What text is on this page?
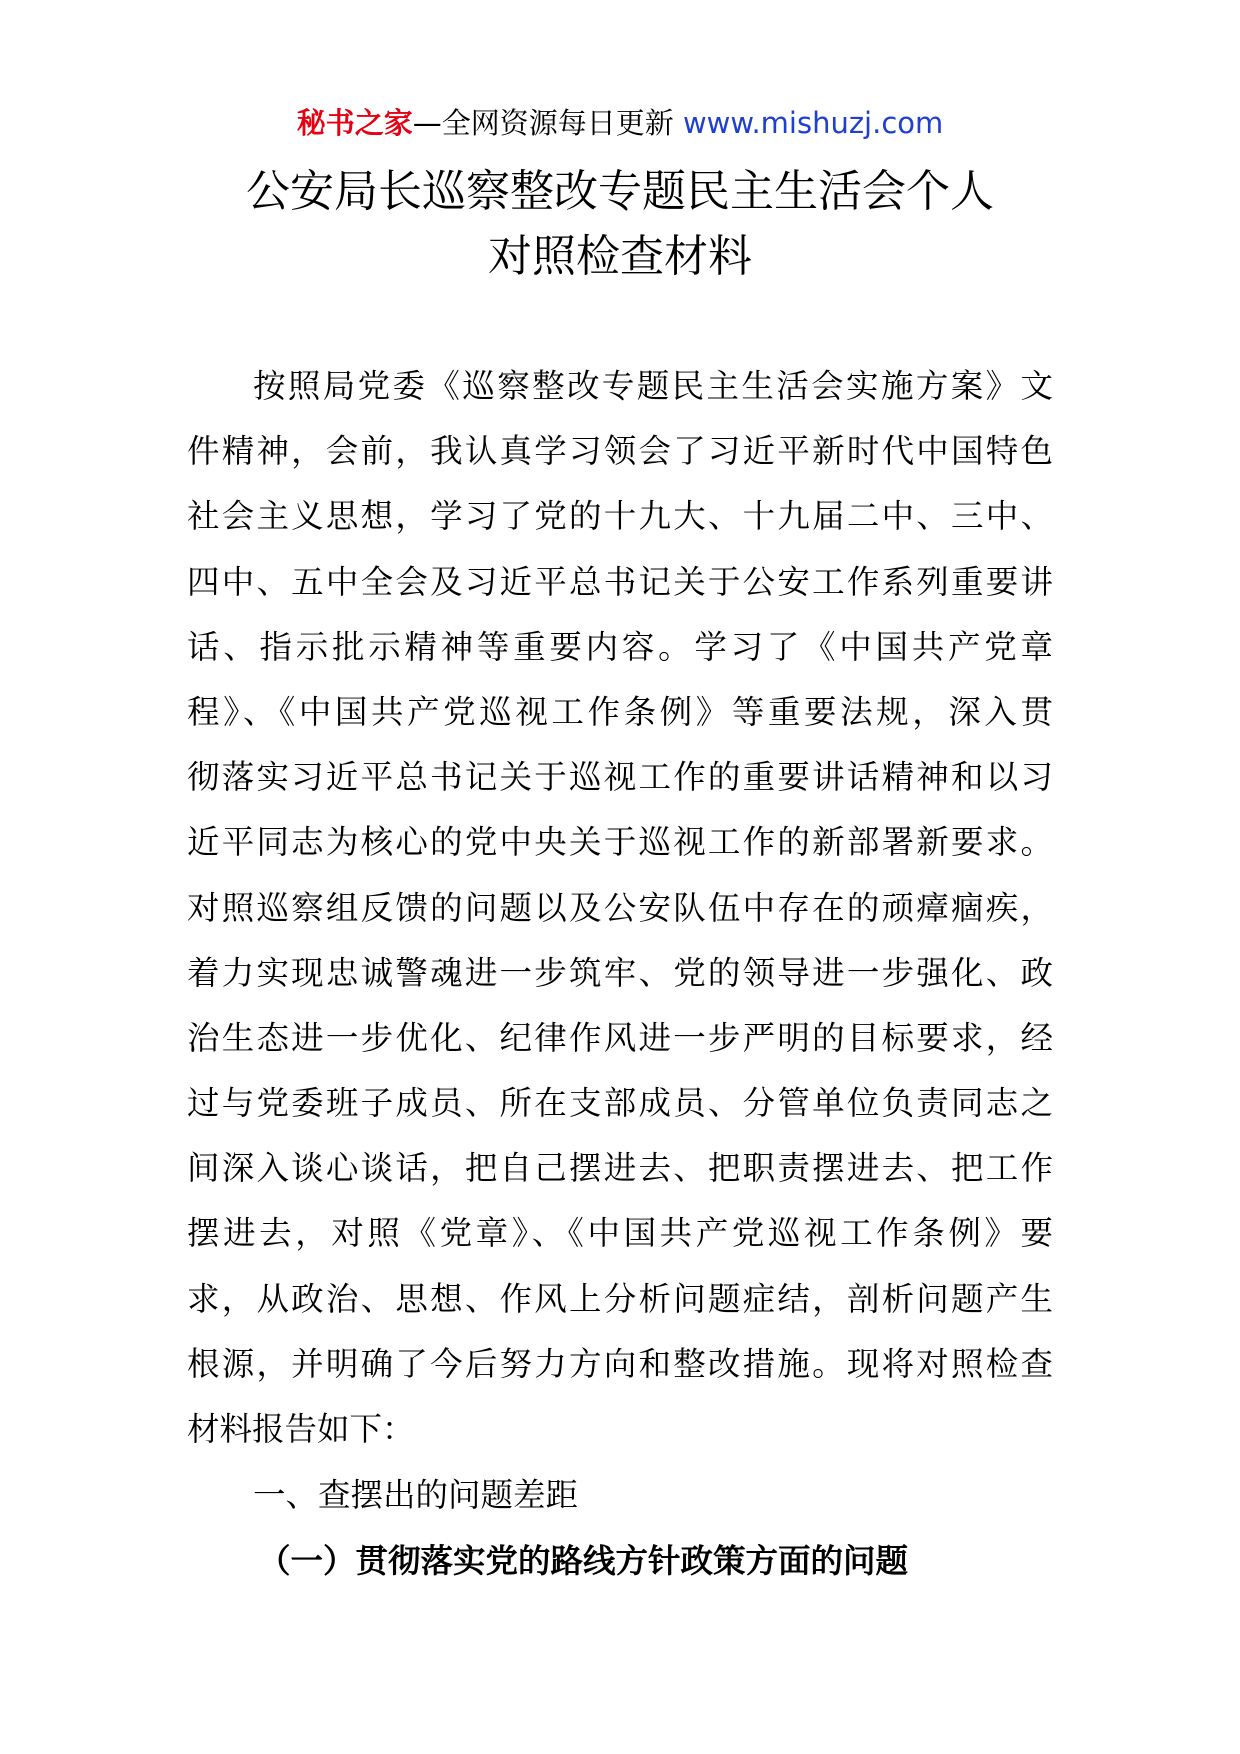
秘书之家—全网资源每日更新 www.mishuzj.com
公安局长巡察整改专题民主生活会个人
对照检查材料
按照局党委《巡察整改专题民主生活会实施方案》文
件精神，会前，我认真学习领会了习近平新时代中国特色
社会主义思想，学习了党的十九大、十九届二中、三中、
四中、五中全会及习近平总书记关于公安工作系列重要讲
话、指示批示精神等重要内容。学习了《中国共产党章
程》、《中国共产党巡视工作条例》等重要法规，深入贯
彻落实习近平总书记关于巡视工作的重要讲话精神和以习
近平同志为核心的党中央关于巡视工作的新部署新要求。
对照巡察组反馈的问题以及公安队伍中存在的顽瘴痼疾，
着力实现忠诚警魂进一步筑牢、党的领导进一步强化、政
治生态进一步优化、纪律作风进一步严明的目标要求，经
过与党委班子成员、所在支部成员、分管单位负责同志之
间深入谈心谈话，把自己摆进去、把职责摆进去、把工作
摆进去，对照《党章》、《中国共产党巡视工作条例》要
求，从政治、思想、作风上分析问题症结，剖析问题产生
根源，并明确了今后努力方向和整改措施。现将对照检查
材料报告如下：
一、查摆出的问题差距
（一）贯彻落实党的路线方针政策方面的问题
